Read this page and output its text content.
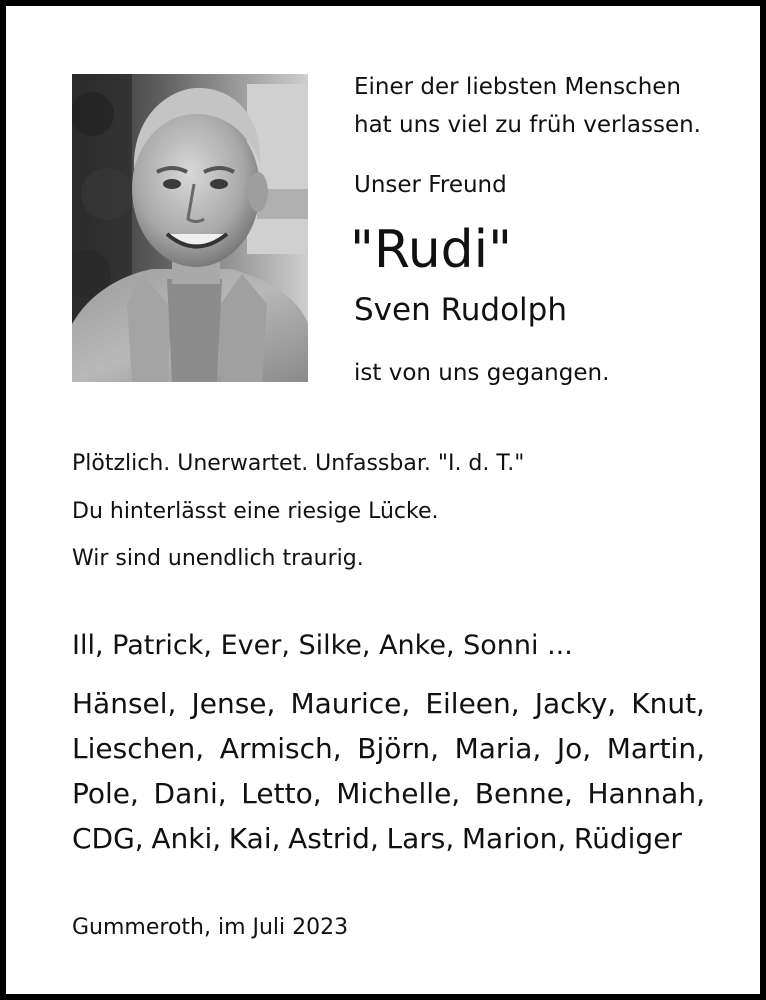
Einer der liebsten Menschen

hat uns viel zu früh verlassen.

Unser Freund

"Rudi"
Sven Rudolph

ist von uns gegangen.

Plötzlich. Unerwartet. Unfassbar. "I. d. T."

Du hinterlässt eine riesige Lücke.

Wir sind unendlich traurig.

Ill, Patrick, Ever, Silke, Anke, Sonni ...

Hänsel, Jense, Maurice, Eileen, Jacky, Knut,
Lieschen, Armisch, Björn, Maria, Jo, Martin,
Pole, Dani, Letto, Michelle, Benne, Hannah,
CDG, Anki, Kai, Astrid, Lars, Marion, Rüdiger

Gummeroth, im Juli 2023
